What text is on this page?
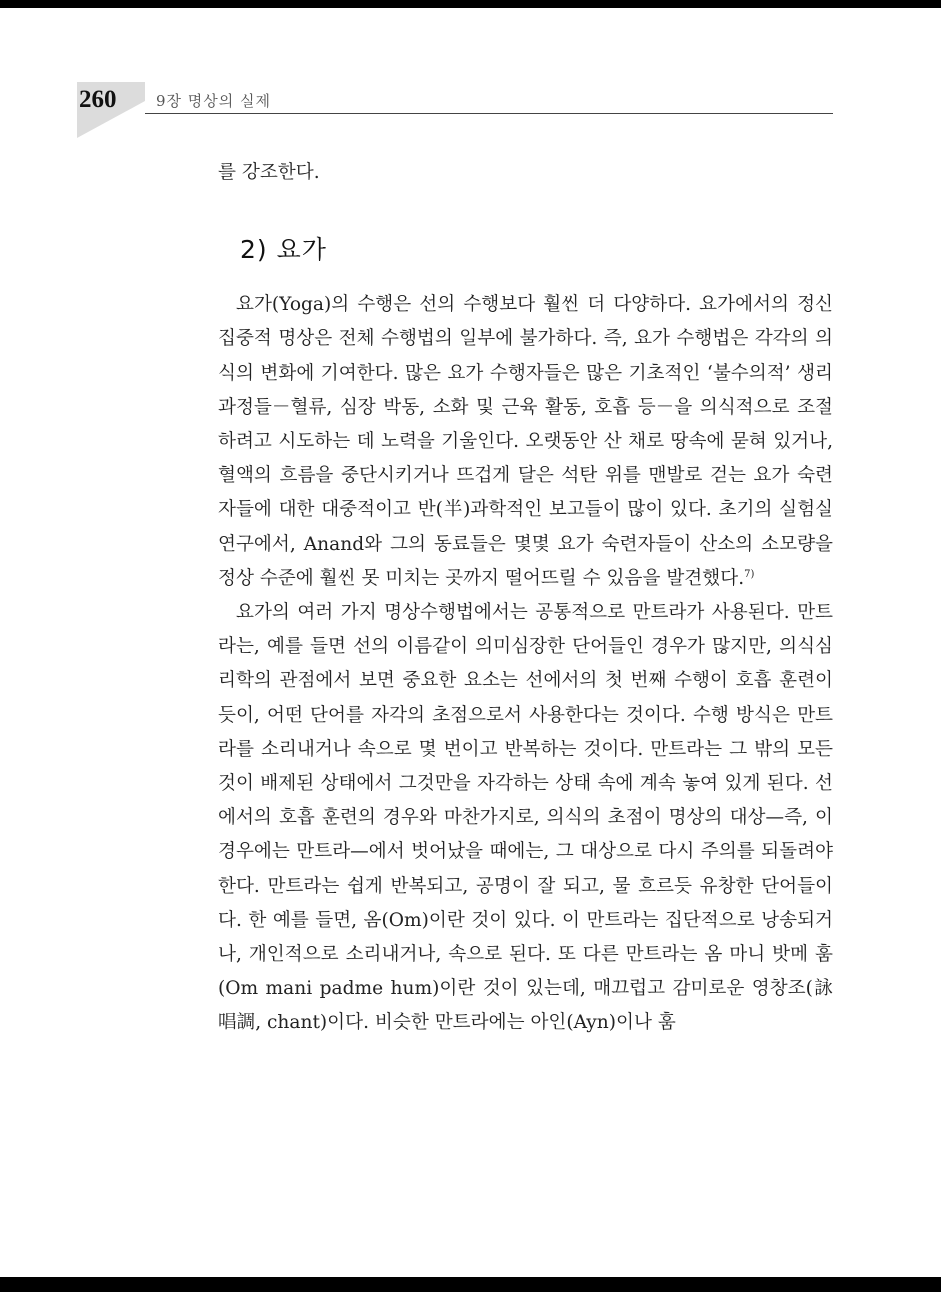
260	9장 명상의 실제

를 강조한다.

2) 요가

요가(Yoga)의 수행은 선의 수행보다 훨씬 더 다양하다. 요가에서의 정신 집중적 명상은 전체 수행법의 일부에 불가하다. 즉, 요가 수행법은 각각의 의식의 변화에 기여한다. 많은 요가 수행자들은 많은 기초적인 ‘불수의적’ 생리 과정들－혈류, 심장 박동, 소화 및 근육 활동, 호흡 등－을 의식적으로 조절하려고 시도하는 데 노력을 기울인다. 오랫동안 산 채로 땅속에 묻혀 있거나, 혈액의 흐름을 중단시키거나 뜨겁게 달은 석탄 위를 맨발로 걷는 요가 숙련자들에 대한 대중적이고 반(半)과학적인 보고들이 많이 있다. 초기의 실험실 연구에서, Anand와 그의 동료들은 몇몇 요가 숙련자들이 산소의 소모량을 정상 수준에 훨씬 못 미치는 곳까지 떨어뜨릴 수 있음을 발견했다.$^{7)}$

요가의 여러 가지 명상수행법에서는 공통적으로 만트라가 사용된다. 만트라는, 예를 들면 선의 이름같이 의미심장한 단어들인 경우가 많지만, 의식심리학의 관점에서 보면 중요한 요소는 선에서의 첫 번째 수행이 호흡 훈련이듯이, 어떤 단어를 자각의 초점으로서 사용한다는 것이다. 수행 방식은 만트라를 소리내거나 속으로 몇 번이고 반복하는 것이다. 만트라는 그 밖의 모든 것이 배제된 상태에서 그것만을 자각하는 상태 속에 계속 놓여 있게 된다. 선에서의 호흡 훈련의 경우와 마찬가지로, 의식의 초점이 명상의 대상—즉, 이 경우에는 만트라—에서 벗어났을 때에는, 그 대상으로 다시 주의를 되돌려야 한다. 만트라는 쉽게 반복되고, 공명이 잘 되고, 물 흐르듯 유창한 단어들이다. 한 예를 들면, 옴(Om)이란 것이 있다. 이 만트라는 집단적으로 낭송되거나, 개인적으로 소리내거나, 속으로 된다. 또 다른 만트라는 옴 마니 밧메 훔(Om mani padme hum)이란 것이 있는데, 매끄럽고 감미로운 영창조(詠唱調, chant)이다. 비슷한 만트라에는 아인(Ayn)이나 훔
